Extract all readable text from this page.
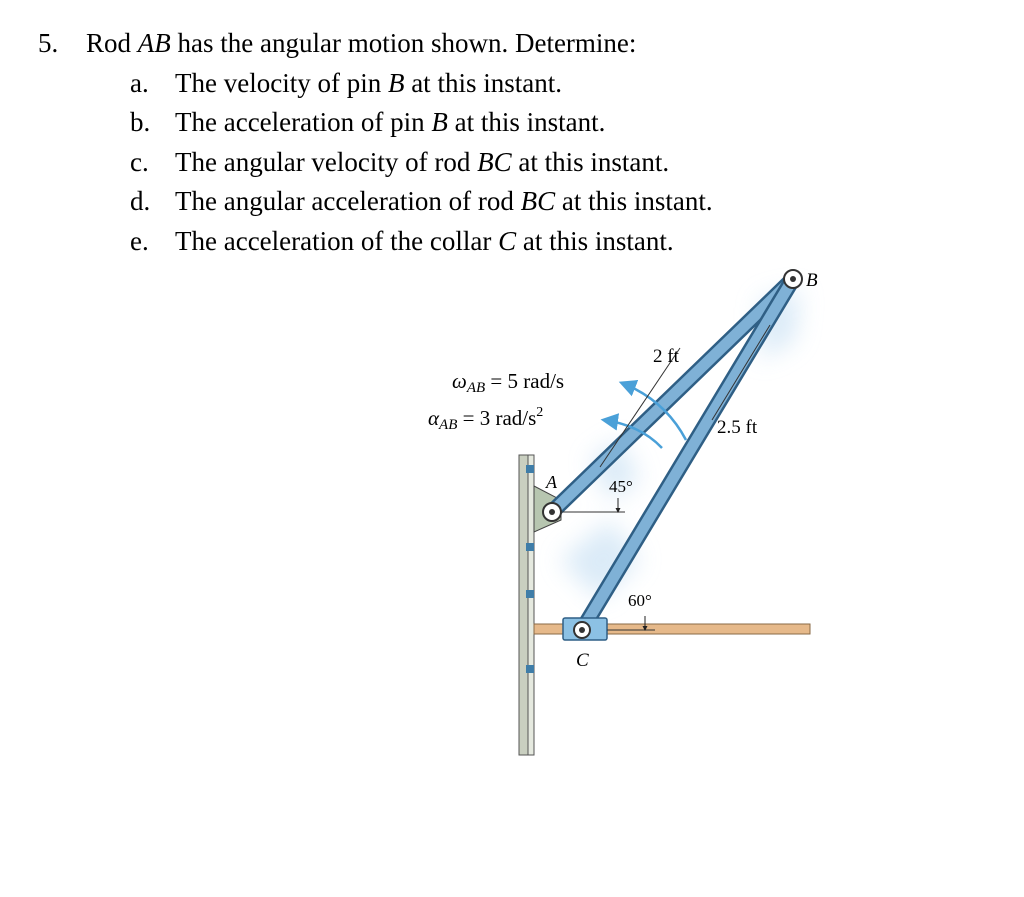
5.	Rod AB has the angular motion shown. Determine:
a. The velocity of pin B at this instant.
b. The acceleration of pin B at this instant.
c. The angular velocity of rod BC at this instant.
d. The angular acceleration of rod BC at this instant.
e. The acceleration of the collar C at this instant.
ωAB = 5 rad/s
αAB = 3 rad/$s^2$
2 ft
2.5 ft
45°
60°
A
B
C
